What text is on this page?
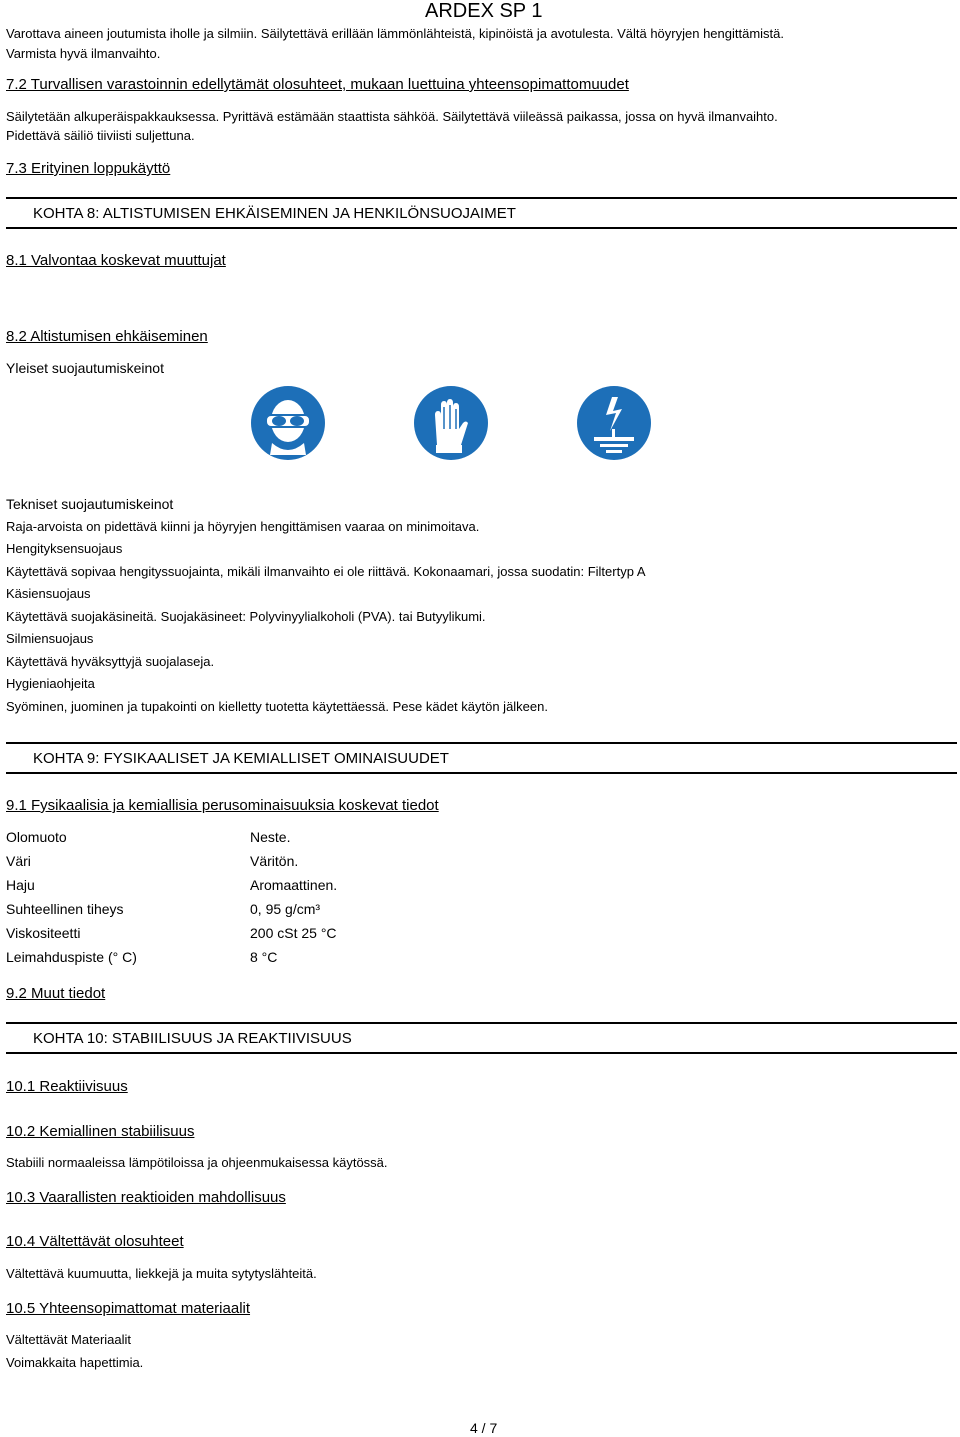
ARDEX SP 1
Varottava aineen joutumista iholle ja silmiin. Säilytettävä erillään lämmönlähteistä, kipinöistä ja avotulesta. Vältä höyryjen hengittämistä.
Varmista hyvä ilmanvaihto.
7.2 Turvallisen varastoinnin edellytämät olosuhteet, mukaan luettuina yhteensopimattomuudet
Säilytetään alkuperäispakkauksessa. Pyrittävä estämään staattista sähköä. Säilytettävä viileässä paikassa, jossa on hyvä ilmanvaihto.
Pidettävä säiliö tiiviisti suljettuna.
7.3 Erityinen loppukäyttö
KOHTA 8: ALTISTUMISEN EHKÄISEMINEN JA HENKILÖNSUOJAIMET
8.1 Valvontaa koskevat muuttujat
8.2 Altistumisen ehkäiseminen
Yleiset suojautumiskeinot
Tekniset suojautumiskeinot
Raja-arvoista on pidettävä kiinni ja höyryjen hengittämisen vaaraa on minimoitava.
Hengityksensuojaus
Käytettävä sopivaa hengityssuojainta, mikäli ilmanvaihto ei ole riittävä. Kokonaamari, jossa suodatin: Filtertyp A
Käsiensuojaus
Käytettävä suojakäsineitä. Suojakäsineet: Polyvinyylialkoholi (PVA). tai Butyylikumi.
Silmiensuojaus
Käytettävä hyväksyttyjä suojalaseja.
Hygieniaohjeita
Syöminen, juominen ja tupakointi on kielletty tuotetta käytettäessä. Pese kädet käytön jälkeen.
KOHTA 9: FYSIKAALISET JA KEMIALLISET OMINAISUUDET
9.1 Fysikaalisia ja kemiallisia perusominaisuuksia koskevat tiedot
Olomuoto	Neste.
Väri	Väritön.
Haju	Aromaattinen.
Suhteellinen tiheys	0, 95 g/cm³
Viskositeetti	200 cSt 25 °C
Leimahduspiste (° C)	8 °C
9.2 Muut tiedot
KOHTA 10: STABIILISUUS JA REAKTIIVISUUS
10.1 Reaktiivisuus
10.2 Kemiallinen stabiilisuus
Stabiili normaaleissa lämpötiloissa ja ohjeenmukaisessa käytössä.
10.3 Vaarallisten reaktioiden mahdollisuus
10.4 Vältettävät olosuhteet
Vältettävä kuumuutta, liekkejä ja muita sytytyslähteitä.
10.5 Yhteensopimattomat materiaalit
Vältettävät Materiaalit
Voimakkaita hapettimia.
4 / 7
